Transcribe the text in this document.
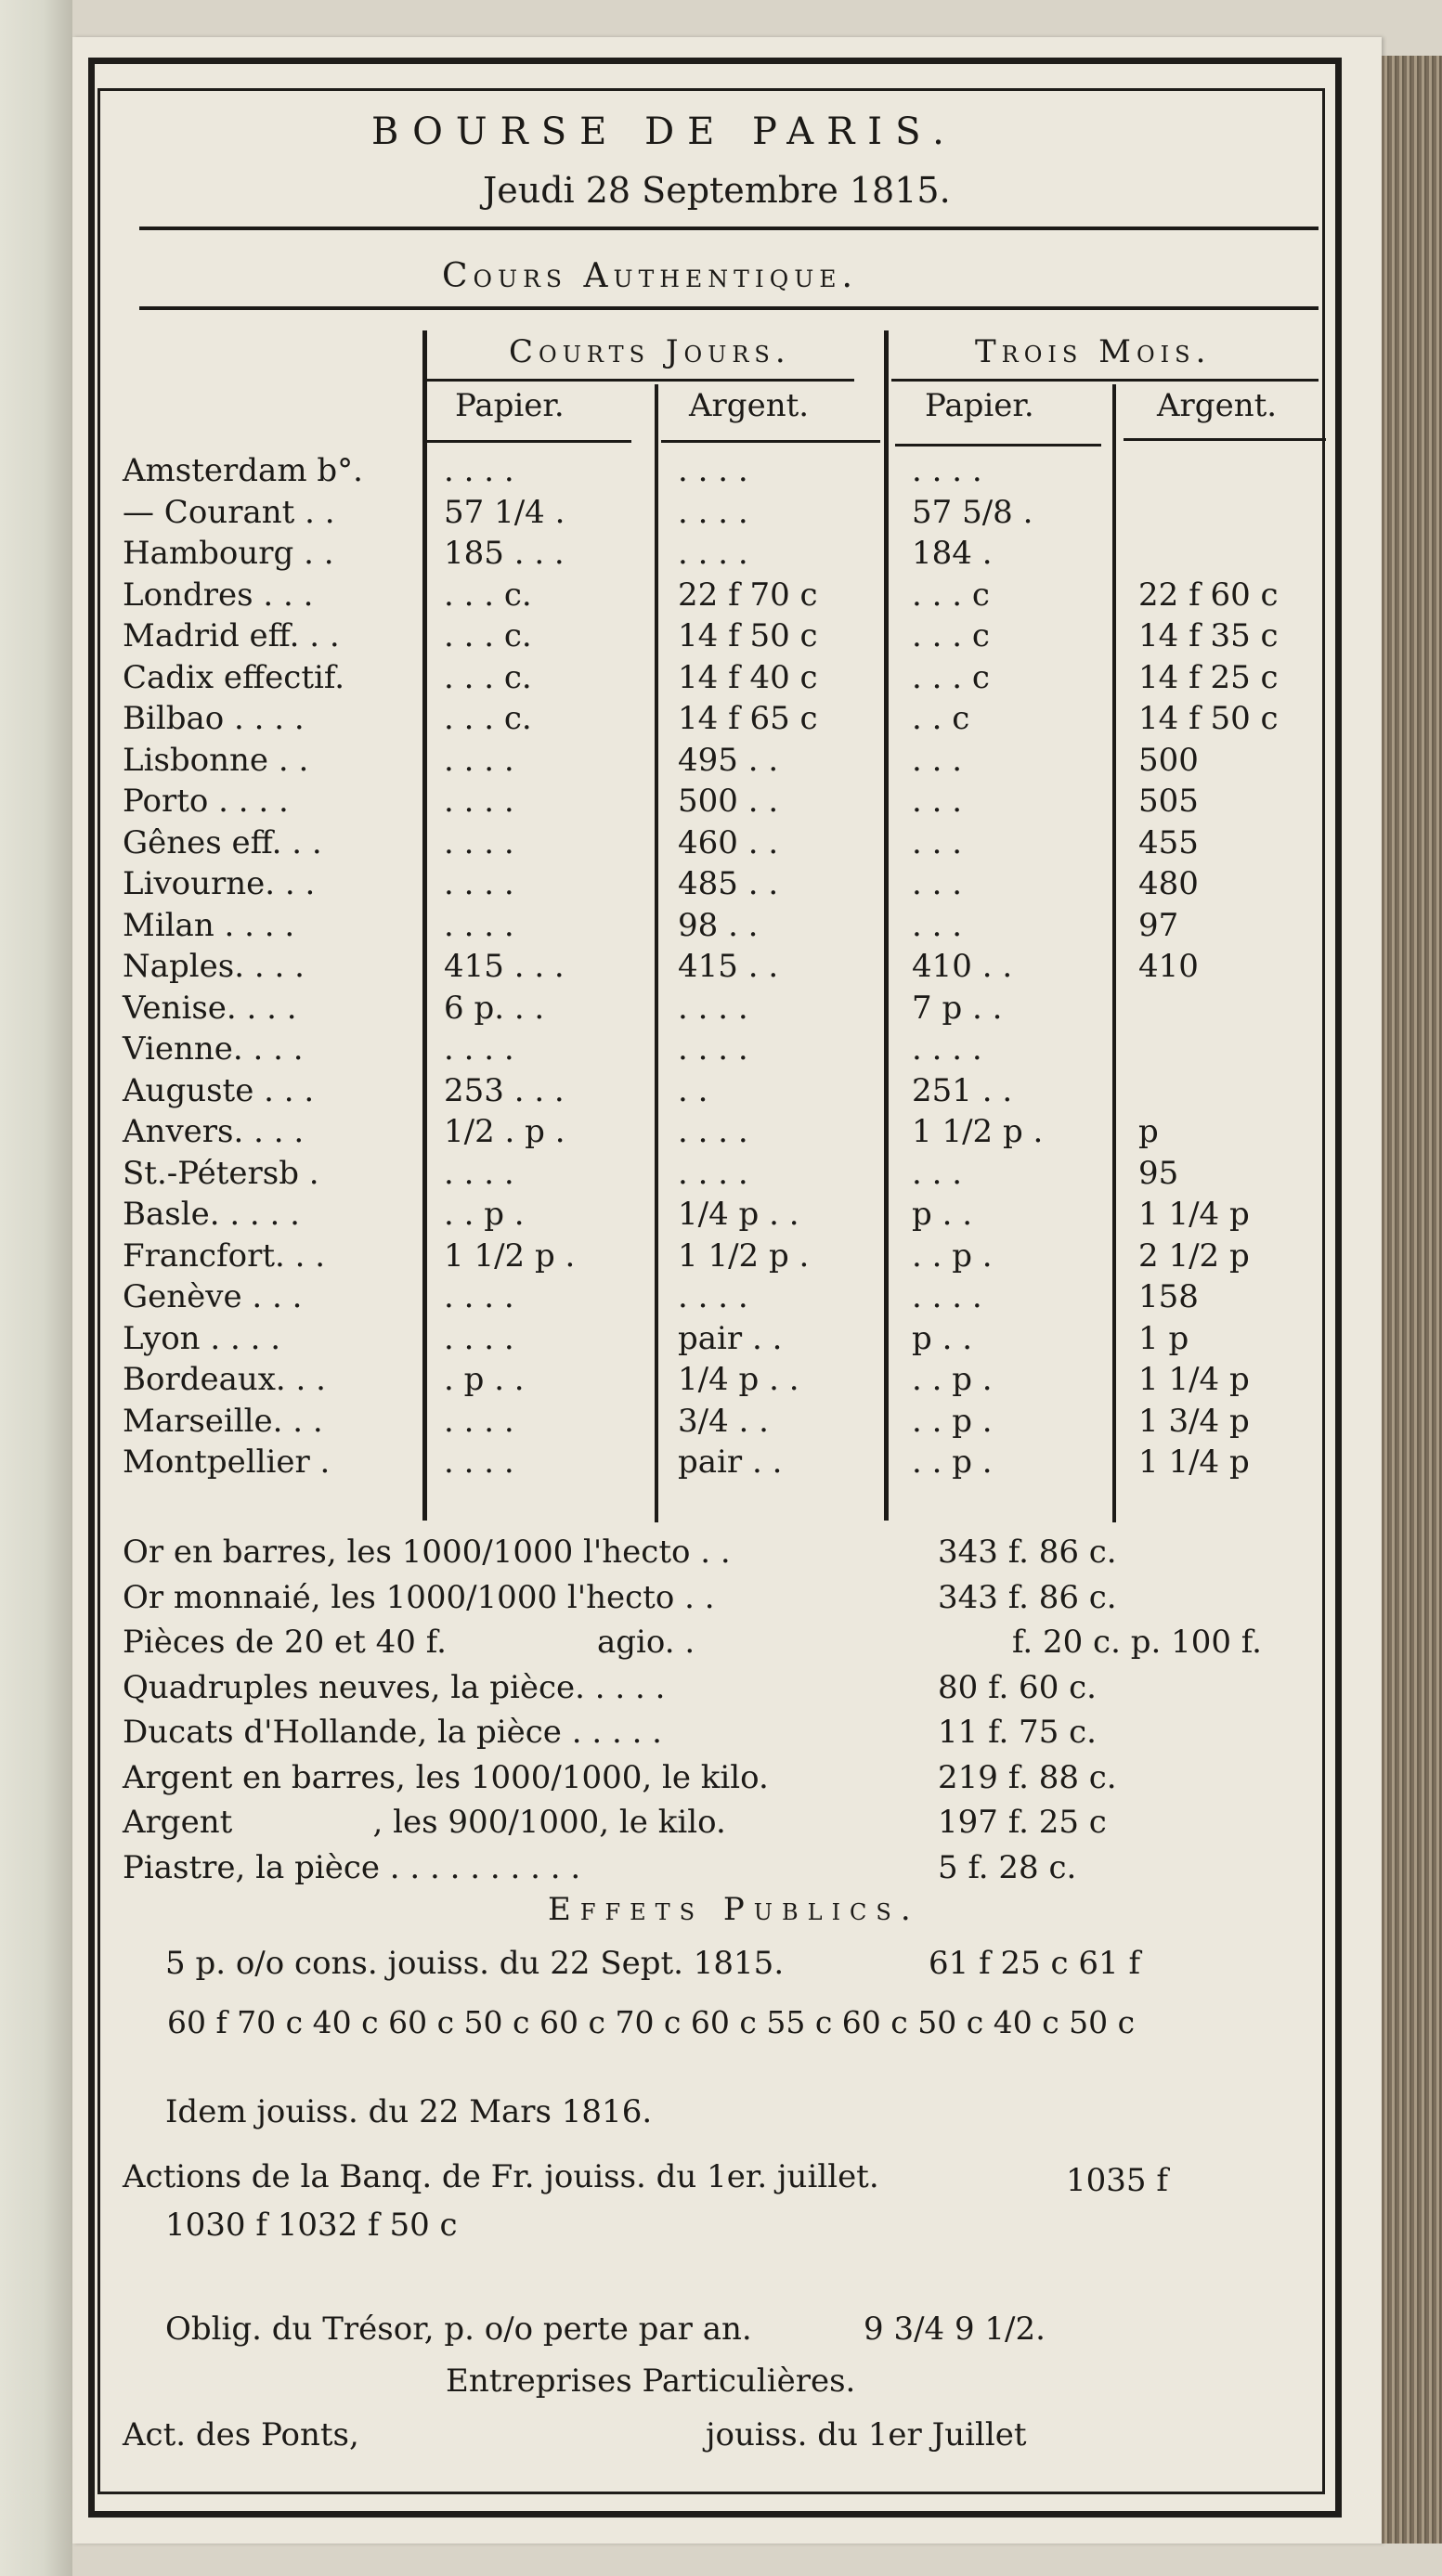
BOURSE DE PARIS.
Jeudi 28 Septembre 1815.
Cours Authentique.
Courts Jours.	Trois Mois.
Papier.	Argent.	Papier.	Argent.
Amsterdam b°.	. . . .	. . . .	. . . .
— Courant . .	57 1/4 .	. . . .	57 5/8 .
Hambourg . .	185 . . .	. . . .	184 .
Londres . . .	. . . c.	22 f 70 c	. . . c	22 f 60 c
Madrid eff. . .	. . . c.	14 f 50 c	. . . c	14 f 35 c
Cadix effectif.	. . . c.	14 f 40 c	. . . c	14 f 25 c
Bilbao . . . .	. . . c.	14 f 65 c	. . c	14 f 50 c
Lisbonne . .	. . . .	495 . .	. . .	500
Porto . . . .	. . . .	500 . .	. . .	505
Gênes eff. . .	. . . .	460 . .	. . .	455
Livourne. . .	. . . .	485 . .	. . .	480
Milan . . . .	. . . .	98 . .	. . .	97
Naples. . . .	415 . . .	415 . .	410 . .	410
Venise. . . .	6 p. . .	. . . .	7 p . .
Vienne. . . .	. . . .	. . . .	. . . .
Auguste . . .	253 . . .	. .	251 . .
Anvers. . . .	1/2 . p .	. . . .	1 1/2 p .	p
St.-Pétersb .	. . . .	. . . .	. . .	95
Basle. . . . .	. . p .	1/4 p . .	p . .	1 1/4 p
Francfort. . .	1 1/2 p .	1 1/2 p .	. . p .	2 1/2 p
Genève . . .	. . . .	. . . .	. . . .	158
Lyon . . . .	. . . .	pair . .	p . .	1 p
Bordeaux. . .	. p . .	1/4 p . .	. . p .	1 1/4 p
Marseille. . .	. . . .	3/4 . .	. . p .	1 3/4 p
Montpellier .	. . . .	pair . .	. . p .	1 1/4 p
Or en barres, les 1000/1000 l'hecto . .	343 f. 86 c.
Or monnaié, les 1000/1000 l'hecto . .	343 f. 86 c.
Pièces de 20 et 40 f.               agio. .	f. 20 c. p. 100 f.
Quadruples neuves, la pièce. . . . .	80 f. 60 c.
Ducats d'Hollande, la pièce . . . . .	11 f. 75 c.
Argent en barres, les 1000/1000, le kilo.	219 f. 88 c.
Argent              , les 900/1000, le kilo.	197 f. 25 c
Piastre, la pièce . . . . . . . . . .	5 f. 28 c.
Effets Publics.
5 p. o/o cons. jouiss. du 22 Sept. 1815.	61 f 25 c 61 f
60 f 70 c 40 c 60 c 50 c 60 c 70 c 60 c 55 c 60 c 50 c 40 c 50 c
Idem jouiss. du 22 Mars 1816.
Actions de la Banq. de Fr. jouiss. du 1er. juillet.	1035 f
1030 f 1032 f 50 c
Oblig. du Trésor, p. o/o perte par an.	9 3/4 9 1/2.
Entreprises Particulières.
Act. des Ponts,	jouiss. du 1er Juillet
